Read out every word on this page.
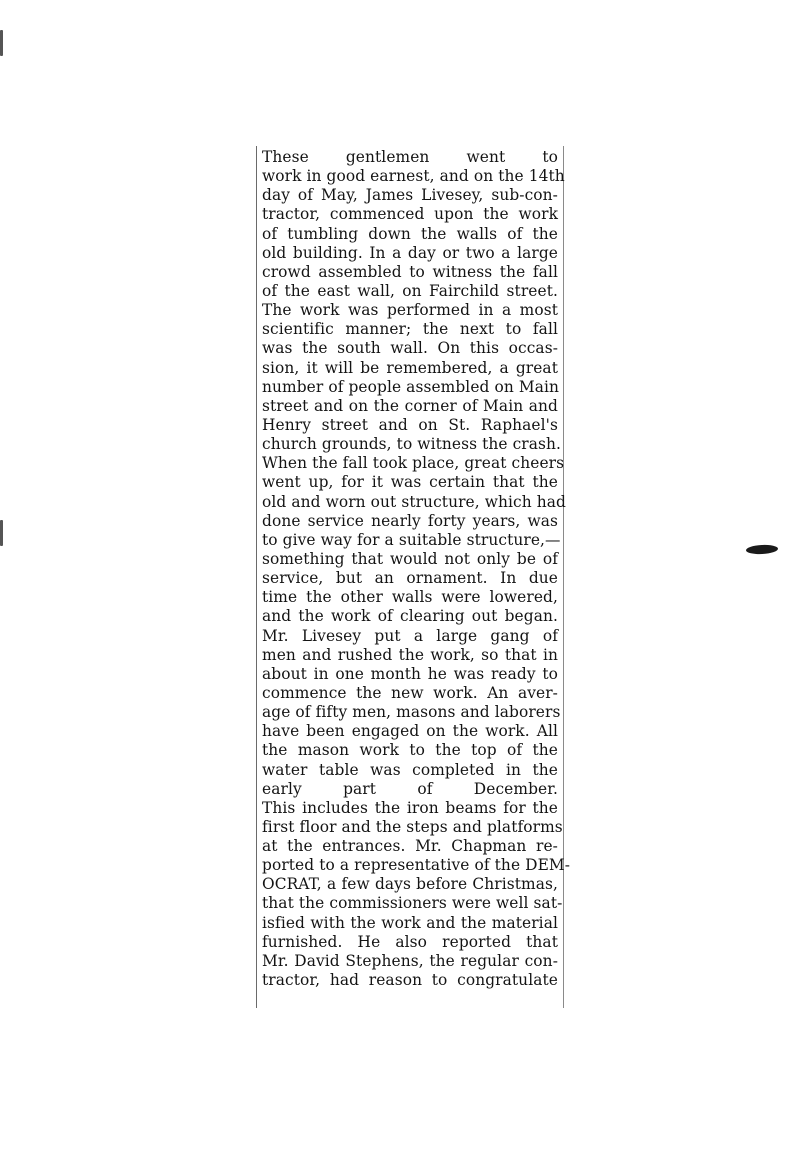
These gentlemen went to
work in good earnest, and on the 14th
day of May, James Livesey, sub-con-
tractor, commenced upon the work
of tumbling down the walls of the
old building. In a day or two a large
crowd assembled to witness the fall
of the east wall, on Fairchild street.
The work was performed in a most
scientific manner; the next to fall
was the south wall. On this occas-
sion, it will be remembered, a great
number of people assembled on Main
street and on the corner of Main and
Henry street and on St. Raphael's
church grounds, to witness the crash.
When the fall took place, great cheers
went up, for it was certain that the
old and worn out structure, which had
done service nearly forty years, was
to give way for a suitable structure,—
something that would not only be of
service, but an ornament. In due
time the other walls were lowered,
and the work of clearing out began.
Mr. Livesey put a large gang of
men and rushed the work, so that in
about in one month he was ready to
commence the new work. An aver-
age of fifty men, masons and laborers
have been engaged on the work. All
the mason work to the top of the
water table was completed in the
early part of December.
This includes the iron beams for the
first floor and the steps and platforms
at the entrances. Mr. Chapman re-
ported to a representative of the DEM-
OCRAT, a few days before Christmas,
that the commissioners were well sat-
isfied with the work and the material
furnished. He also reported that
Mr. David Stephens, the regular con-
tractor, had reason to congratulate
